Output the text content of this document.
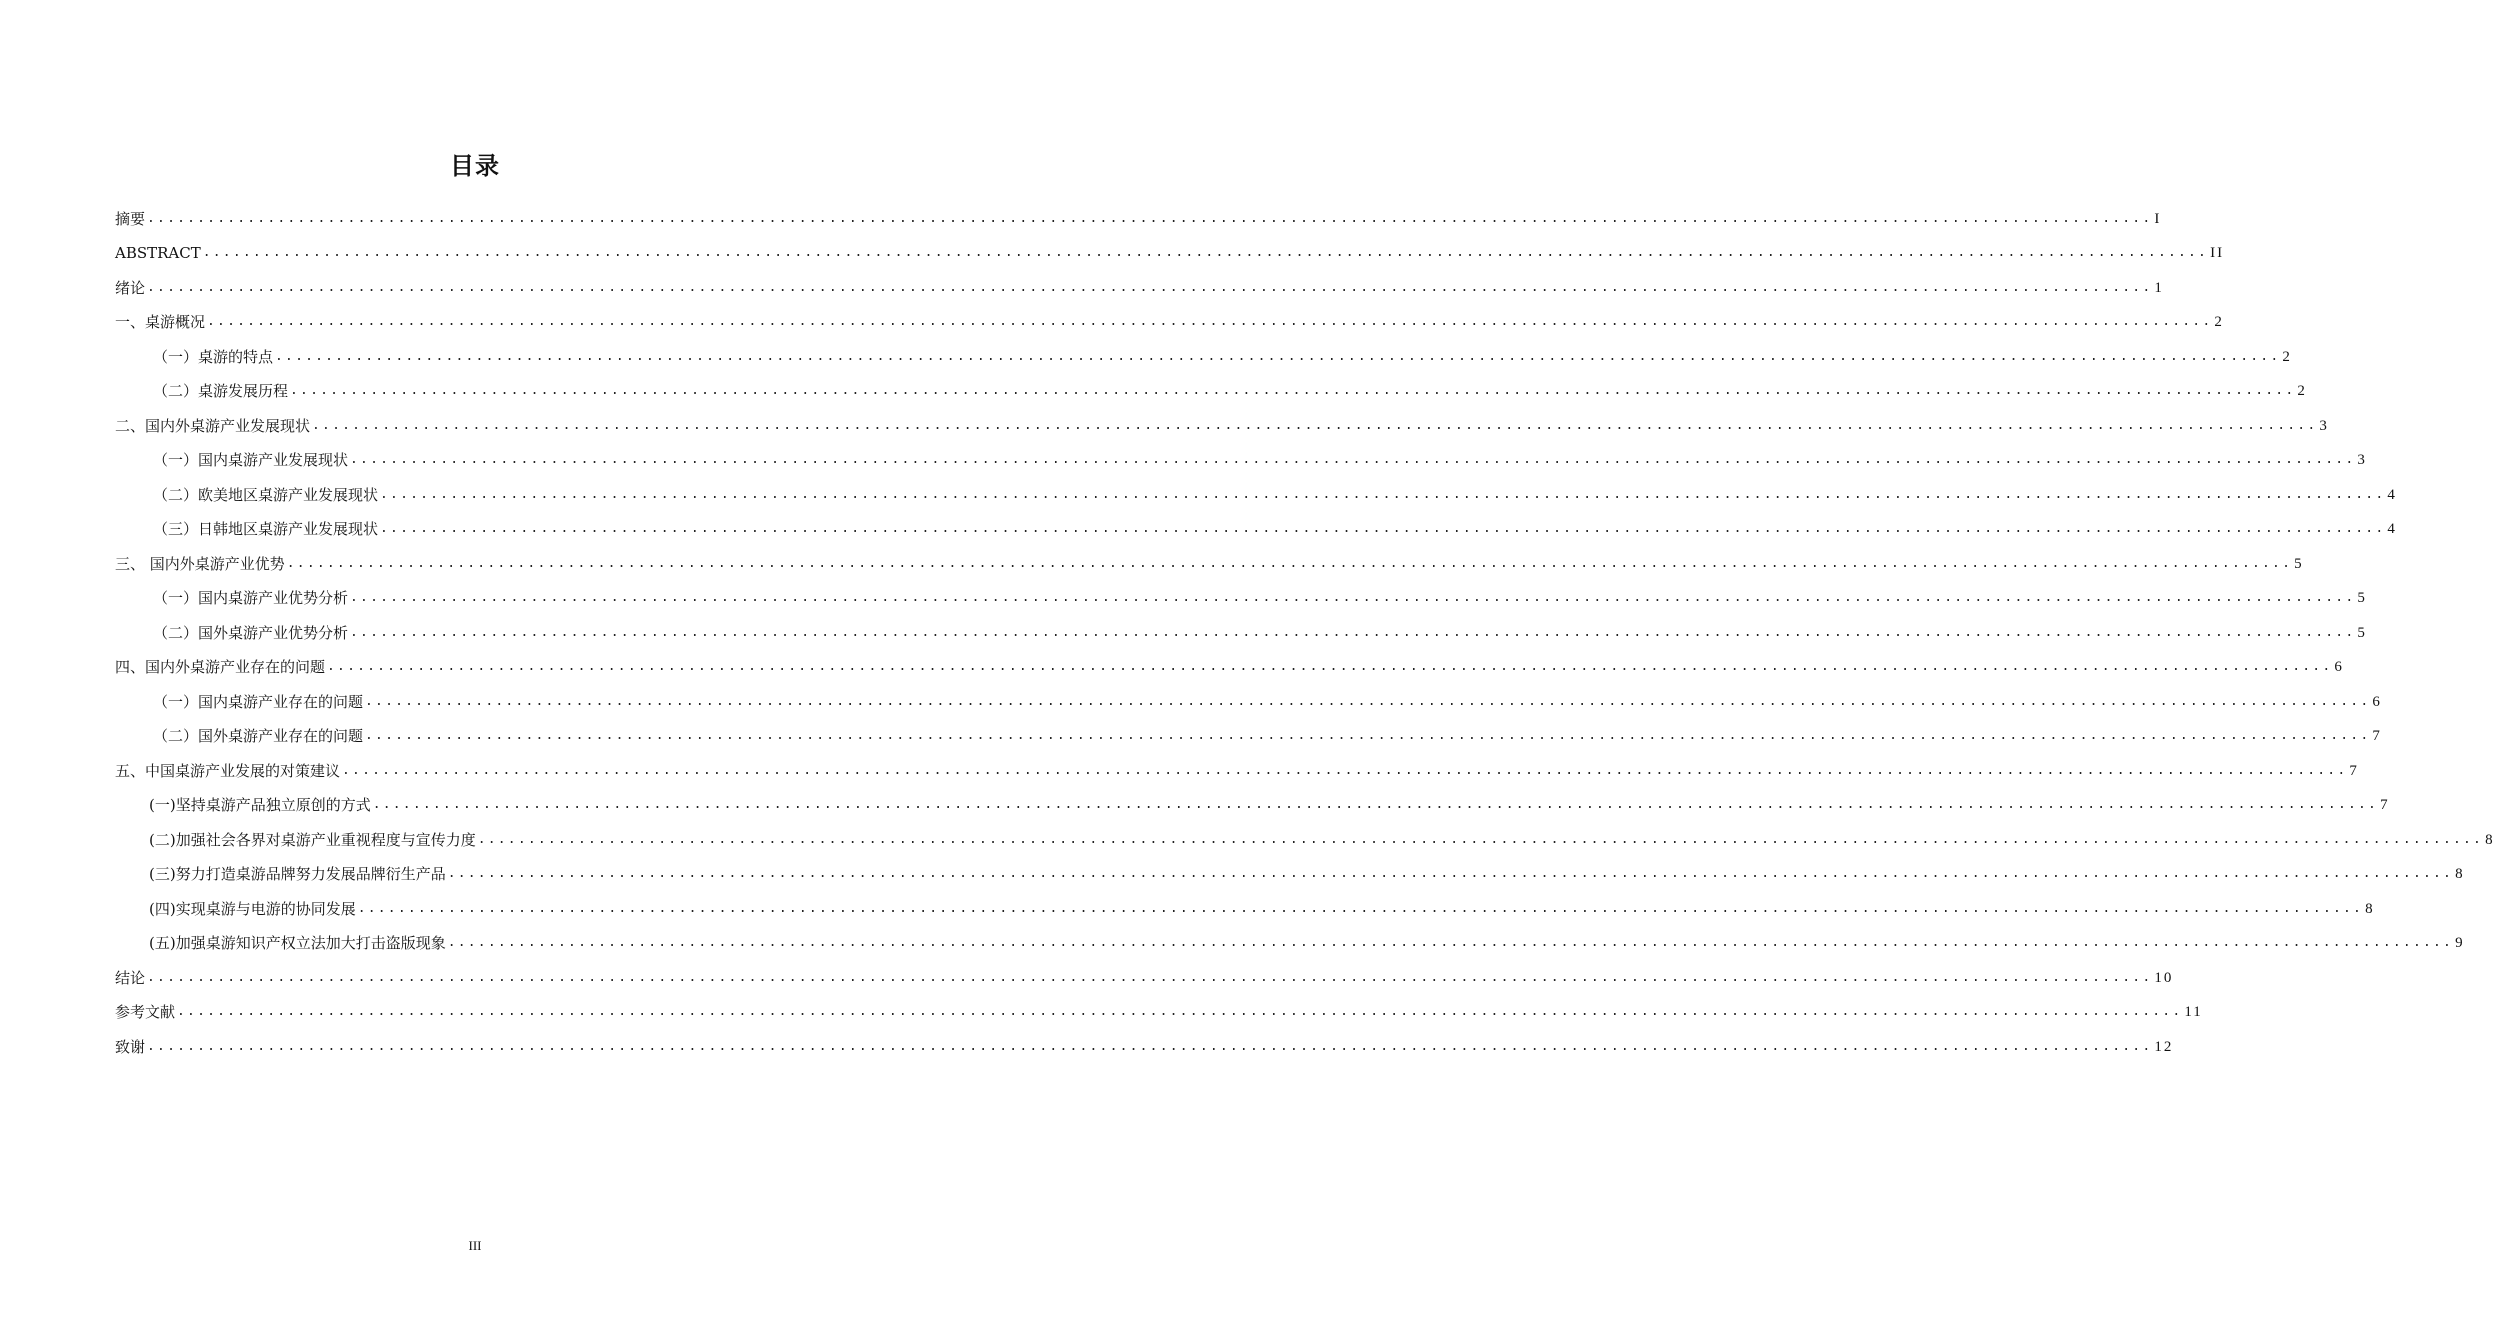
目录
摘要 ........................................................................................................................................................................................................ I
ABSTRACT ........................................................................................................................................................................................................ II
绪论 ........................................................................................................................................................................................................ 1
一、桌游概况 ........................................................................................................................................................................................................ 2
（一）桌游的特点 ........................................................................................................................................................................................................ 2
（二）桌游发展历程 ........................................................................................................................................................................................................ 2
二、国内外桌游产业发展现状 ........................................................................................................................................................................................................ 3
（一）国内桌游产业发展现状 ........................................................................................................................................................................................................ 3
（二）欧美地区桌游产业发展现状 ........................................................................................................................................................................................................ 4
（三）日韩地区桌游产业发展现状 ........................................................................................................................................................................................................ 4
三、 国内外桌游产业优势 ........................................................................................................................................................................................................ 5
（一）国内桌游产业优势分析 ........................................................................................................................................................................................................ 5
（二）国外桌游产业优势分析 ........................................................................................................................................................................................................ 5
四、国内外桌游产业存在的问题 ........................................................................................................................................................................................................ 6
（一）国内桌游产业存在的问题 ........................................................................................................................................................................................................ 6
（二）国外桌游产业存在的问题 ........................................................................................................................................................................................................ 7
五、中国桌游产业发展的对策建议 ........................................................................................................................................................................................................ 7
(一)坚持桌游产品独立原创的方式 ........................................................................................................................................................................................................ 7
(二)加强社会各界对桌游产业重视程度与宣传力度 ........................................................................................................................................................................................................ 8
(三)努力打造桌游品牌努力发展品牌衍生产品 ........................................................................................................................................................................................................ 8
(四)实现桌游与电游的协同发展 ........................................................................................................................................................................................................ 8
(五)加强桌游知识产权立法加大打击盗版现象 ........................................................................................................................................................................................................ 9
结论 ........................................................................................................................................................................................................ 10
参考文献 ........................................................................................................................................................................................................ 11
致谢 ........................................................................................................................................................................................................ 12
III
